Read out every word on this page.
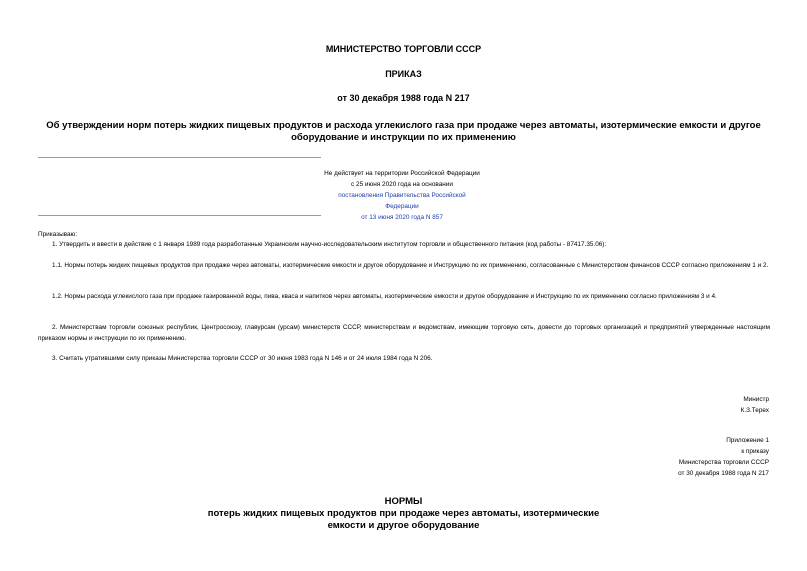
МИНИСТЕРСТВО ТОРГОВЛИ СССР
ПРИКАЗ
от 30 декабря 1988 года N 217
Об утверждении норм потерь жидких пищевых продуктов и расхода углекислого газа при продаже через автоматы, изотермические емкости и другое
оборудование и инструкции по их применению
Не действует на территории Российской Федерации
с 25 июня 2020 года на основании
постановления Правительства Российской Федерации
от 13 июня 2020 года N 857
Приказываю:
1. Утвердить и ввести в действие с 1 января 1989 года разработанные Украинским научно-исследовательским институтом торговли и общественного питания (код работы - 87417.35.06):
1.1. Нормы потерь жидких пищевых продуктов при продаже через автоматы, изотермические емкости и другое оборудование и Инструкцию по их применению, согласованные с Министерством финансов СССР согласно приложениям 1 и 2.
1.2. Нормы расхода углекислого газа при продаже газированной воды, пива, кваса и напитков через автоматы, изотермические емкости и другое оборудование и Инструкцию по их применению согласно приложениям 3 и 4.
2. Министерствам торговли союзных республик, Центросоюзу, главурсам (урсам) министерств СССР, министерствам и ведомствам, имеющим торговую сеть, довести до торговых организаций и предприятий утвержденные настоящим приказом нормы и инструкции по их применению.
3. Считать утратившими силу приказы Министерства торговли СССР от 30 июня 1983 года N 146 и от 24 июля 1984 года N 206.
Министр
К.З.Терех
Приложение 1
к приказу
Министерства торговли СССР
от 30 декабря 1988 года N 217
НОРМЫ
потерь жидких пищевых продуктов при продаже через автоматы, изотермические
емкости и другое оборудование
